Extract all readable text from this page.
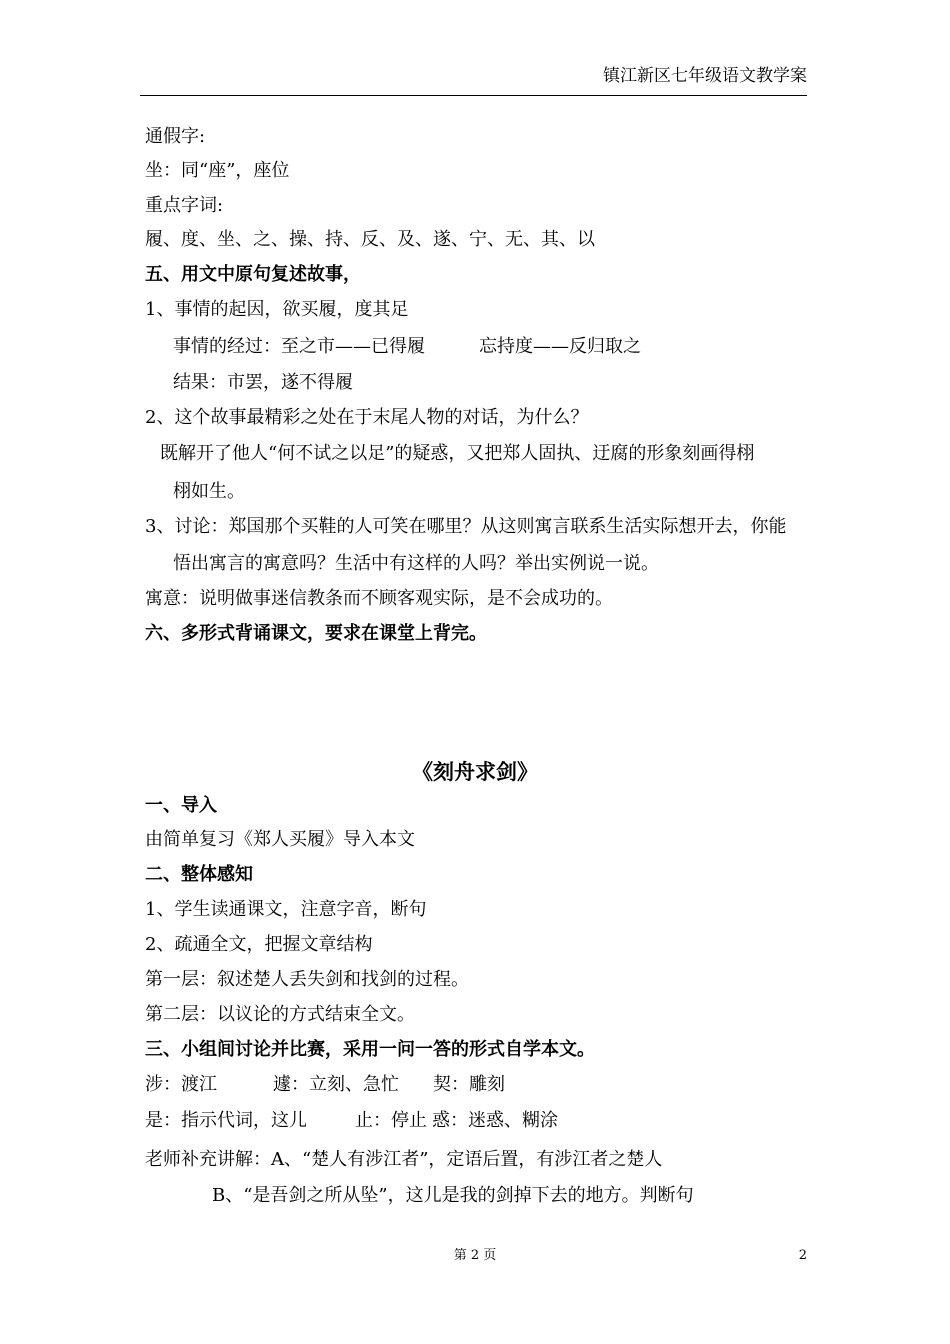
镇江新区七年级语文教学案
通假字:
坐：同“座”，座位
重点字词:
履、度、坐、之、操、持、反、及、遂、宁、无、其、以
五、用文中原句复述故事，
1、事情的起因，欲买履，度其足
事情的经过：至之市——已得履	忘持度——反归取之
结果：市罢，遂不得履
2、这个故事最精彩之处在于末尾人物的对话，为什么？
既解开了他人“何不试之以足”的疑惑，又把郑人固执、迂腐的形象刻画得栩
栩如生。
3、讨论：郑国那个买鞋的人可笑在哪里？从这则寓言联系生活实际想开去，你能
悟出寓言的寓意吗？生活中有这样的人吗？举出实例说一说。
寓意：说明做事迷信教条而不顾客观实际，是不会成功的。
六、多形式背诵课文，要求在课堂上背完。
《刻舟求剑》
一、导入
由简单复习《郑人买履》导入本文
二、整体感知
1、学生读通课文，注意字音，断句
2、疏通全文，把握文章结构
第一层：叙述楚人丢失剑和找剑的过程。
第二层：以议论的方式结束全文。
三、小组间讨论并比赛，采用一问一答的形式自学本文。
涉：渡江	遽：立刻、急忙 契：雕刻
是：指示代词，这儿	止：停止 惑：迷惑、糊涂
老师补充讲解：A、“楚人有涉江者”，定语后置，有涉江者之楚人
B、“是吾剑之所从坠”，这儿是我的剑掉下去的地方。判断句
第 2 页	2
